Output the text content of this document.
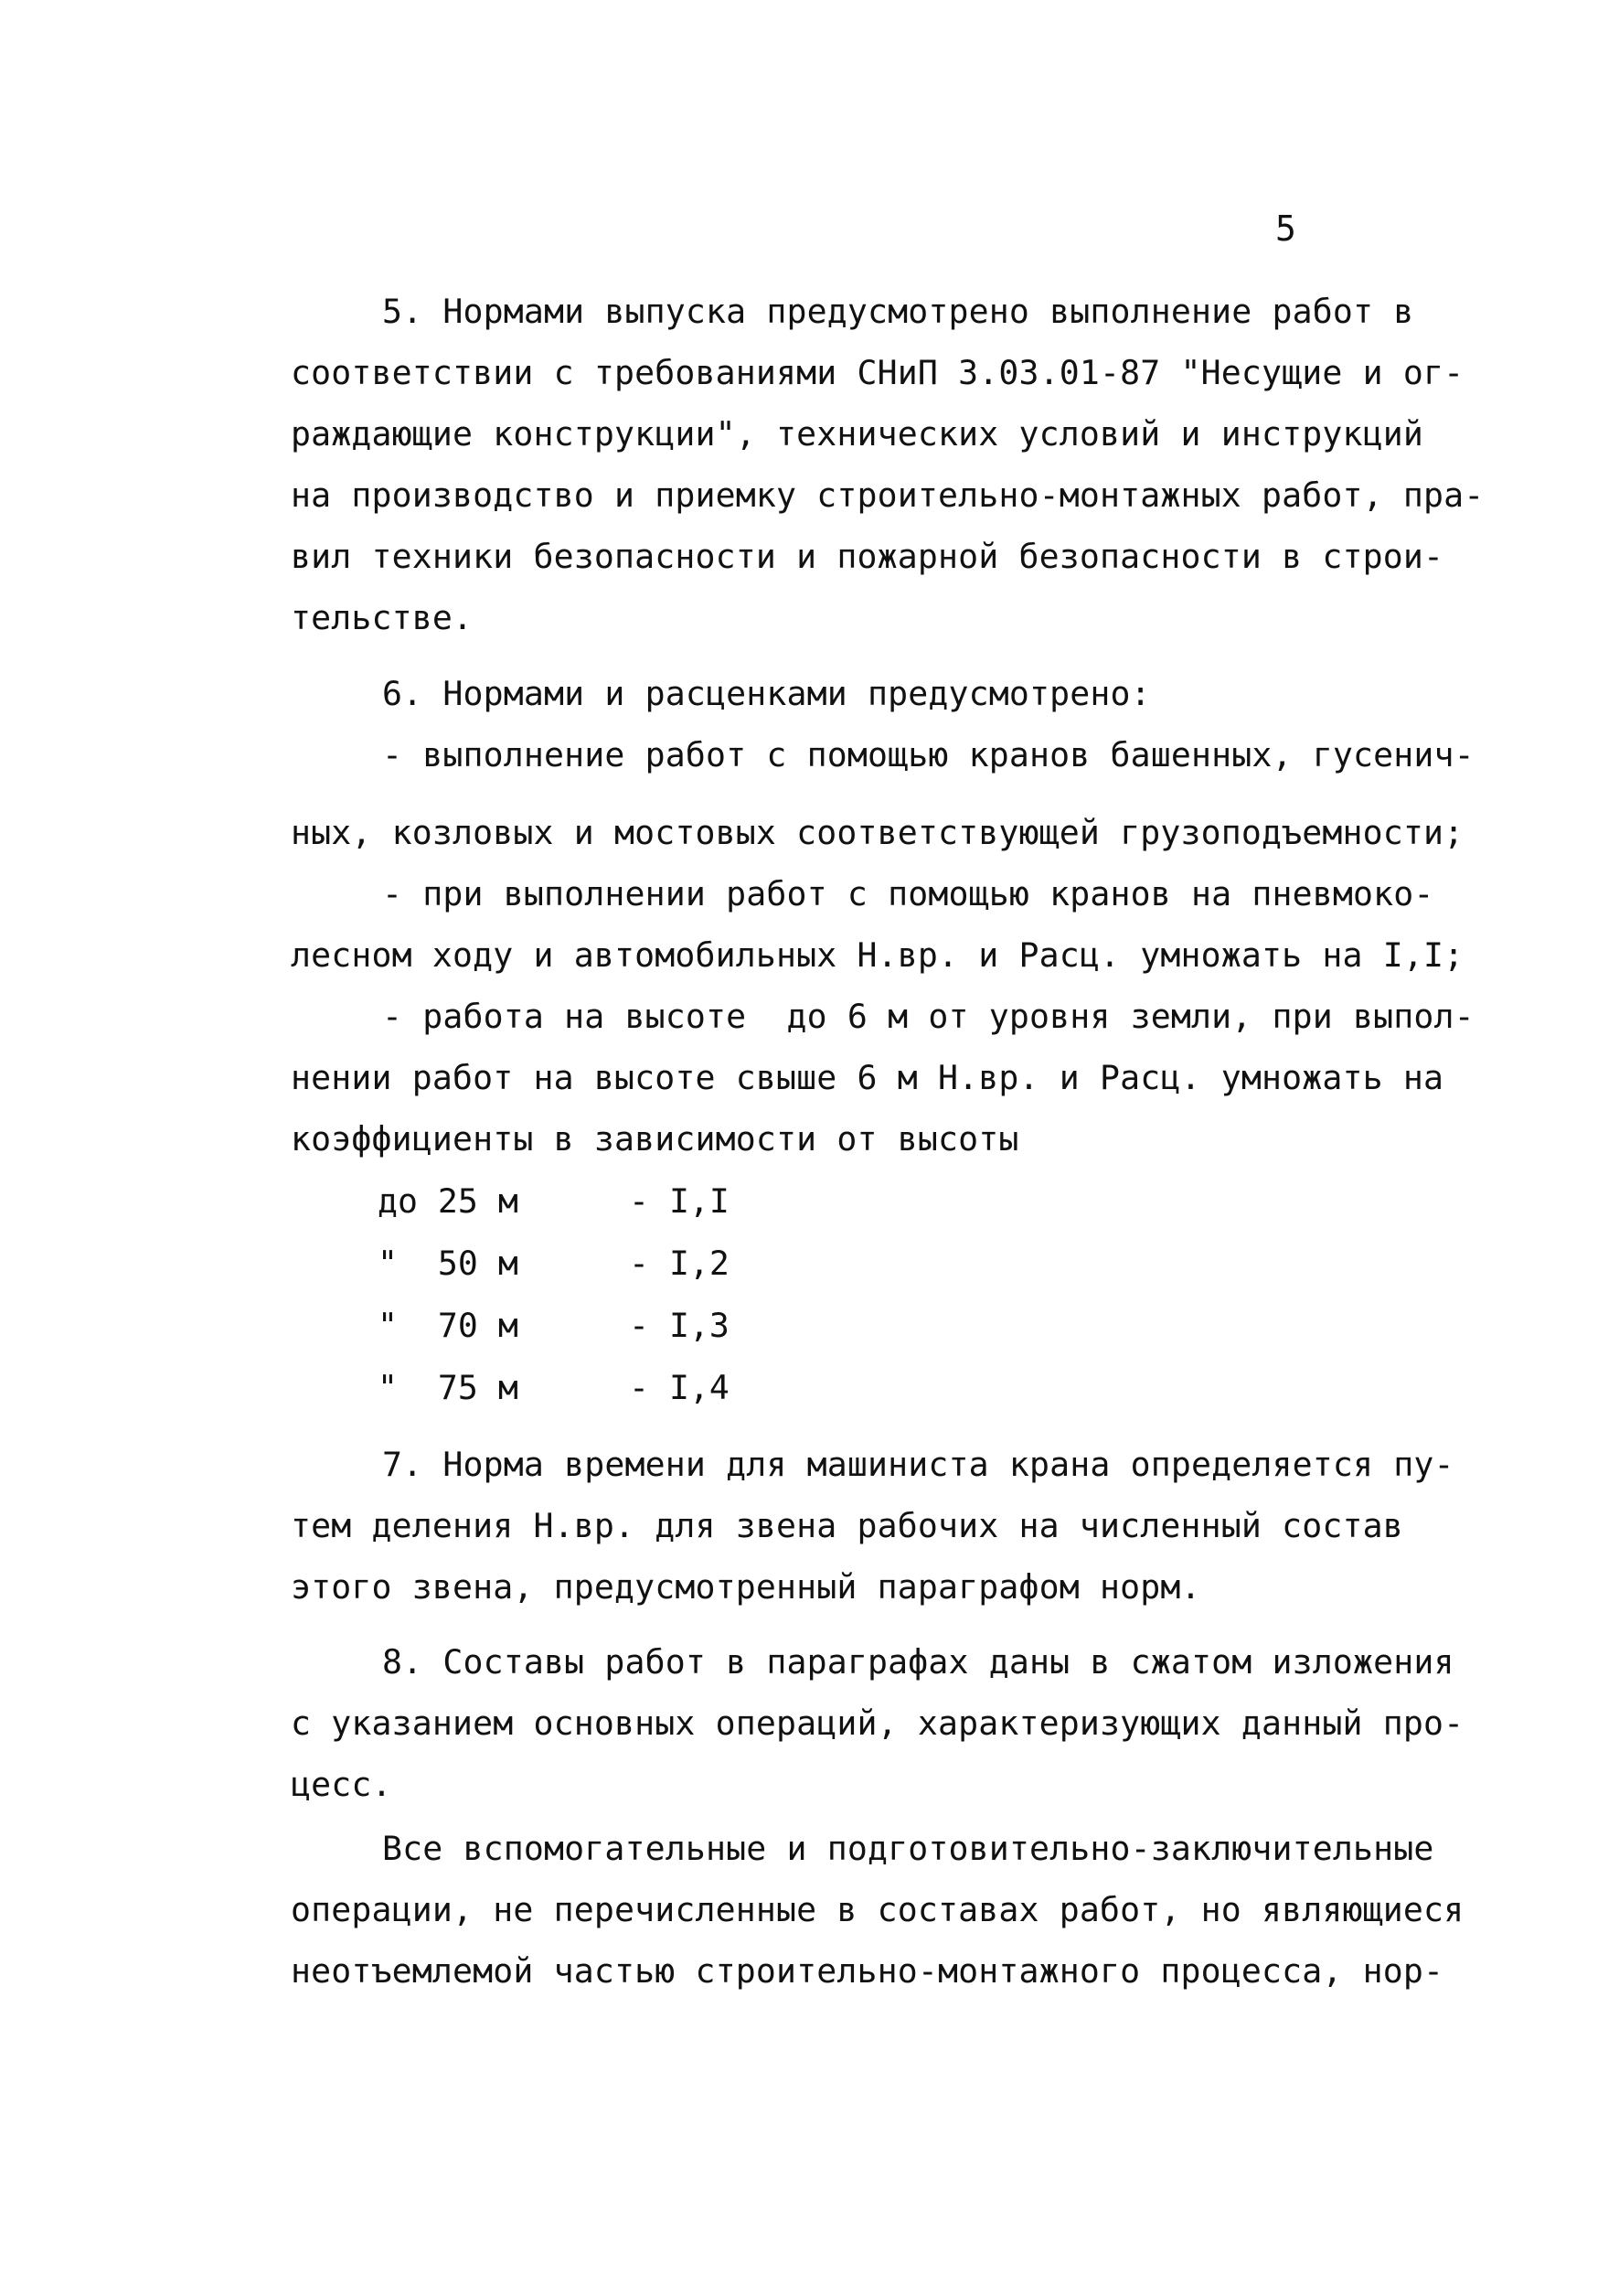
5
5. Нормами выпуска предусмотрено выполнение работ в
соответствии с требованиями СНиП 3.03.01-87 "Несущие и ог-
раждающие конструкции", технических условий и инструкций
на производство и приемку строительно-монтажных работ, пра-
вил техники безопасности и пожарной безопасности в строи-
тельстве.
6. Нормами и расценками предусмотрено:
- выполнение работ с помощью кранов башенных, гусенич-
ных, козловых и мостовых соответствующей грузоподъемности;
- при выполнении работ с помощью кранов на пневмоко-
лесном ходу и автомобильных Н.вр. и Расц. умножать на I,I;
- работа на высоте  до 6 м от уровня земли, при выпол-
нении работ на высоте свыше 6 м Н.вр. и Расц. умножать на
коэффициенты в зависимости от высоты
до 25 м	- I,I
"  50 м	- I,2
"  70 м	- I,3
"  75 м	- I,4
7. Норма времени для машиниста крана определяется пу-
тем деления Н.вр. для звена рабочих на численный состав
этого звена, предусмотренный параграфом норм.
8. Составы работ в параграфах даны в сжатом изложения
с указанием основных операций, характеризующих данный про-
цесс.
Все вспомогательные и подготовительно-заключительные
операции, не перечисленные в составах работ, но являющиеся
неотъемлемой частью строительно-монтажного процесса, нор-
